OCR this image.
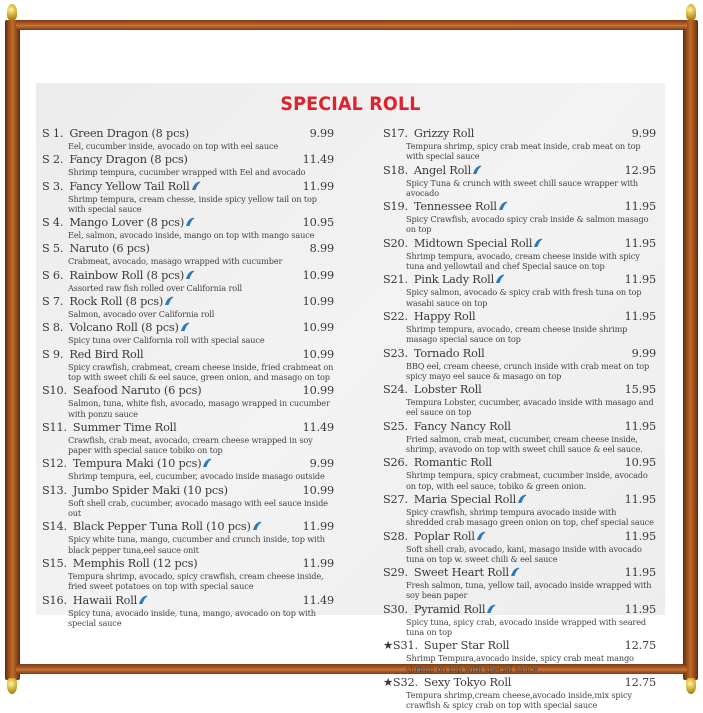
SPECIAL ROLL
S 1. Green Dragon (8 pcs)	9.99
Eel, cucumber inside, avocado on top with eel sauce
S 2. Fancy Dragon (8 pcs)	11.49
Shrimp tempura, cucumber wrapped with Eel and avocado
S 3. Fancy Yellow Tail Roll	11.99
Shrimp tempura, cream chesse, inside spicy yellow tail on top with special sauce
S 4. Mango Lover (8 pcs)	10.95
Eel, salmon, avocado inside, mango on top with mango sauce
S 5. Naruto (6 pcs)	8.99
Crabmeat, avocado, masago wrapped with cucumber
S 6. Rainbow Roll (8 pcs)	10.99
Assorted raw fish rolled over California roll
S 7. Rock Roll (8 pcs)	10.99
Salmon, avocado over California roll
S 8. Volcano Roll (8 pcs)	10.99
Spicy tuna over California roll with special sauce
S 9. Red Bird Roll	10.99
Spicy crawfish, crabmeat, cream cheese inside, fried crabmeat on top with sweet chili & eel sauce, green onion, and masago on top
S10. Seafood Naruto (6 pcs)	10.99
Salmon, tuna, white fish, avocado, masago wrapped in cucumber with ponzu sauce
S11. Summer Time Roll	11.49
Crawfish, crab meat, avocado, crearn cheese wrapped in soy paper with special sauce tobiko on top
S12. Tempura Maki (10 pcs)	9.99
Shrimp tempura, eel, cucumber, avocado inside masago outside
S13. Jumbo Spider Maki (10 pcs)	10.99
Soft shell crab, cucumber, avocado masago with eel sauce inside out
S14. Black Pepper Tuna Roll (10 pcs)	11.99
Spicy white tuna, mango, cucumber and crunch inside, top with black pepper tuna,eel sauce onit
S15. Memphis Roll (12 pcs)	11.99
Tempura shrimp, avocado, spicy crawfish, cream cheese inside, fried sweet potatoes on top with special sauce
S16. Hawaii Roll	11.49
Spicy tuna, avocado inside, tuna, mango, avocado on top with special sauce
S17. Grizzy Roll	9.99
Tempura shrimp, spicy crab meat inside, crab meat on top with special sauce
S18. Angel Roll	12.95
Spicy Tuna & crunch with sweet chill sauce wrapper with avocado
S19. Tennessee Roll	11.95
Spicy Crawfish, avocado spicy crab inside & salmon masago on top
S20. Midtown Special Roll	11.95
Shrimp tempura, avocado, cream cheese inside with spicy tuna and yellowtail and chef Special sauce on top
S21. Pink Lady Roll	11.95
Spicy salmon, avocado & spicy crab with fresh tuna on top wasabi sauce on top
S22. Happy Roll	11.95
Shrimp tempura, avocado, cream cheese inside shrimp masago special sauce on top
S23. Tornado Roll	9.99
BBQ eel, cream cheese, crunch inside with crab meat on top spicy mayo eel sauce & masago on top
S24. Lobster Roll	15.95
Tempura Lobster, cucumber, avacado inside with masago and eel sauce on top
S25. Fancy Nancy Roll	11.95
Fried salmon, crab meat, cucumber, cream cheese inside, shrimp, avavodo on top with sweet chill sauce & eel sauce.
S26. Romantic Roll	10.95
Shrimp tempura, spicy crabmeat, cucumber inside, avocado on top, with eel sauce, tobiko & green onion.
S27. Maria Special Roll	11.95
Spicy crawfish, shrimp tempura avocado inside with shredded crab masago green onion on top, chef special sauce
S28. Poplar Roll	11.95
Soft shell crab, avocado, kani, masago inside with avocado tuna on top w. sweet chili & eel sauce
S29. Sweet Heart Roll	11.95
Fresh salmon, tuna, yellow tail, avocado inside wrapped with soy bean paper
S30. Pyramid Roll	11.95
Spicy tuna, spicy crab, avocado inside wrapped with seared tuna on top
★S31. Super Star Roll	12.75
Shrimp Tempura,avocado inside, spicy crab meat mango shrimp on top with special sauce
★S32. Sexy Tokyo Roll	12.75
Tempura shrimp,cream cheese,avocado inside,mix spicy crawfish & spicy crab on top with special sauce
